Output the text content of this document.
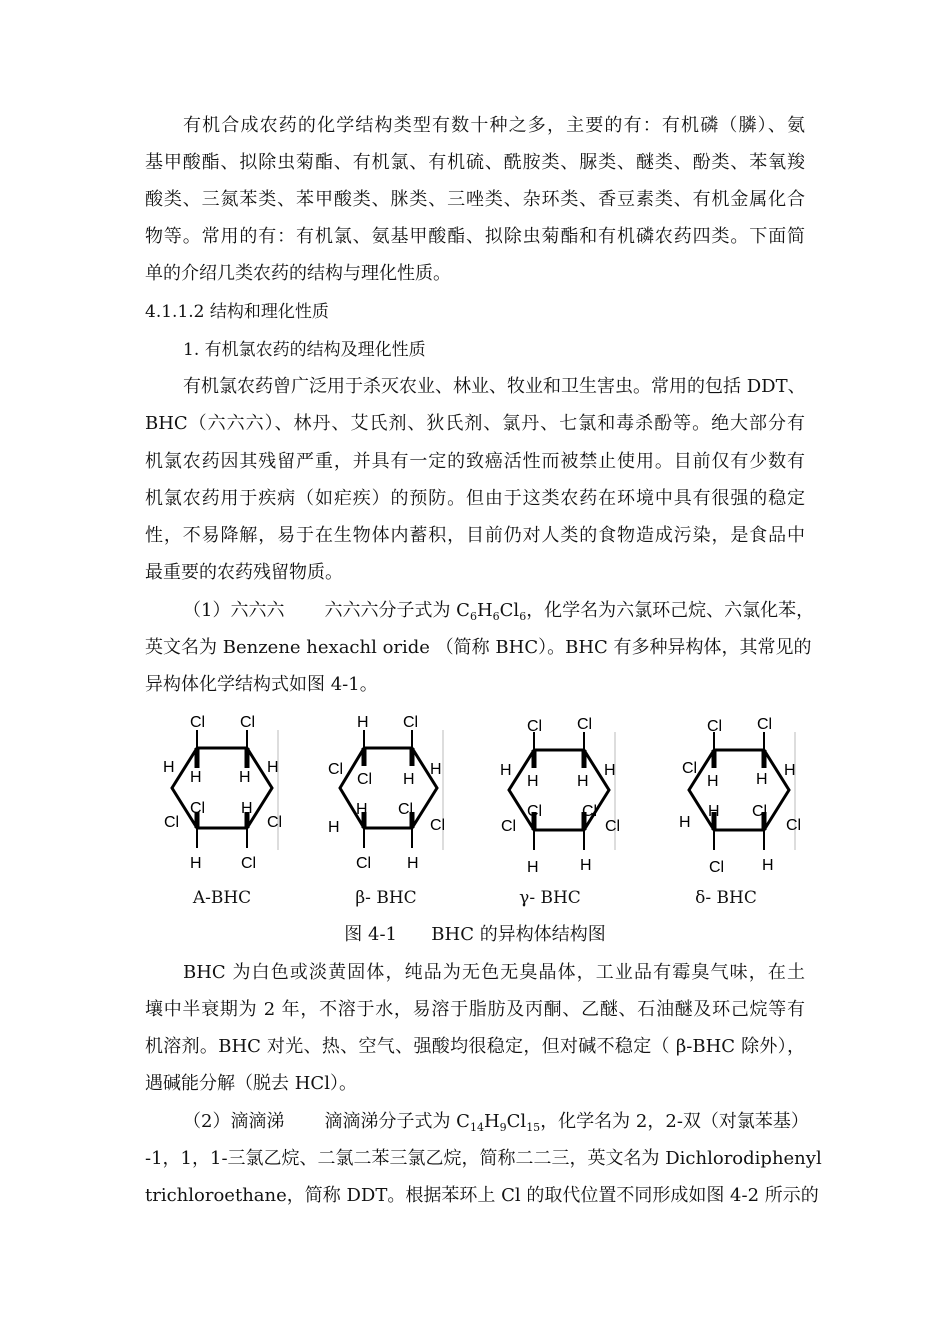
有机合成农药的化学结构类型有数十种之多，主要的有：有机磷（膦）、氨
基甲酸酯、拟除虫菊酯、有机氯、有机硫、酰胺类、脲类、醚类、酚类、苯氧羧
酸类、三氮苯类、苯甲酸类、脒类、三唑类、杂环类、香豆素类、有机金属化合
物等。常用的有：有机氯、氨基甲酸酯、拟除虫菊酯和有机磷农药四类。下面简
单的介绍几类农药的结构与理化性质。
4.1.1.2 结构和理化性质
1. 有机氯农药的结构及理化性质
有机氯农药曾广泛用于杀灭农业、林业、牧业和卫生害虫。常用的包括 DDT、
BHC（六六六）、林丹、艾氏剂、狄氏剂、氯丹、七氯和毒杀酚等。绝大部分有
机氯农药因其残留严重，并具有一定的致癌活性而被禁止使用。目前仅有少数有
机氯农药用于疾病（如疟疾）的预防。但由于这类农药在环境中具有很强的稳定
性，不易降解，易于在生物体内蓄积，目前仍对人类的食物造成污染，是食品中
最重要的农药残留物质。
（1）六六六 六六六分子式为 $C_6H_6Cl_6$，化学名为六氯环己烷、六氯化苯，
英文名为 Benzene hexachl oride （简称 BHC）。BHC 有多种异构体，其常见的
异构体化学结构式如图 4-1。
Cl Cl
H
H H
H
Cl H
Cl	Cl
H Cl
H Cl
Cl
Cl H
H
H Cl
H	Cl
Cl H
Cl Cl
H
H H
H
Cl Cl
Cl	Cl
H	H
Cl Cl
Cl
H H
H
H Cl
H	Cl
Cl H
A-BHC	β- BHC	γ- BHC	δ- BHC
图 4-1      BHC 的异构体结构图
BHC 为白色或淡黄固体，纯品为无色无臭晶体，工业品有霉臭气味，在土
壤中半衰期为 2 年，不溶于水，易溶于脂肪及丙酮、乙醚、石油醚及环己烷等有
机溶剂。BHC 对光、热、空气、强酸均很稳定，但对碱不稳定（ β-BHC 除外），
遇碱能分解（脱去 HCl）。
（2）滴滴涕 滴滴涕分子式为 $C_{14}H_9Cl_{15}$，化学名为 2，2-双（对氯苯基）
-1，1，1-三氯乙烷、二氯二苯三氯乙烷，简称二二三，英文名为 Dichlorodiphenyl
trichloroethane，简称 DDT。根据苯环上 Cl 的取代位置不同形成如图 4-2 所示的
